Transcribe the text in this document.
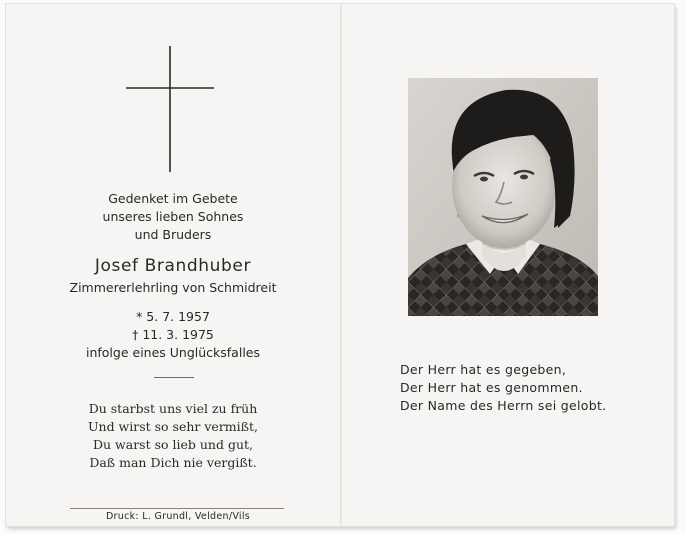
Gedenket im Gebete
unseres lieben Sohnes
und Bruders
Josef Brandhuber
Zimmererlehrling von Schmidreit
* 5. 7. 1957
† 11. 3. 1975
infolge eines Unglücksfalles
Du starbst uns viel zu früh
Und wirst so sehr vermißt,
Du warst so lieb und gut,
Daß man Dich nie vergißt.
Druck: L. Grundl, Velden/Vils
Der Herr hat es gegeben,
Der Herr hat es genommen.
Der Name des Herrn sei gelobt.
